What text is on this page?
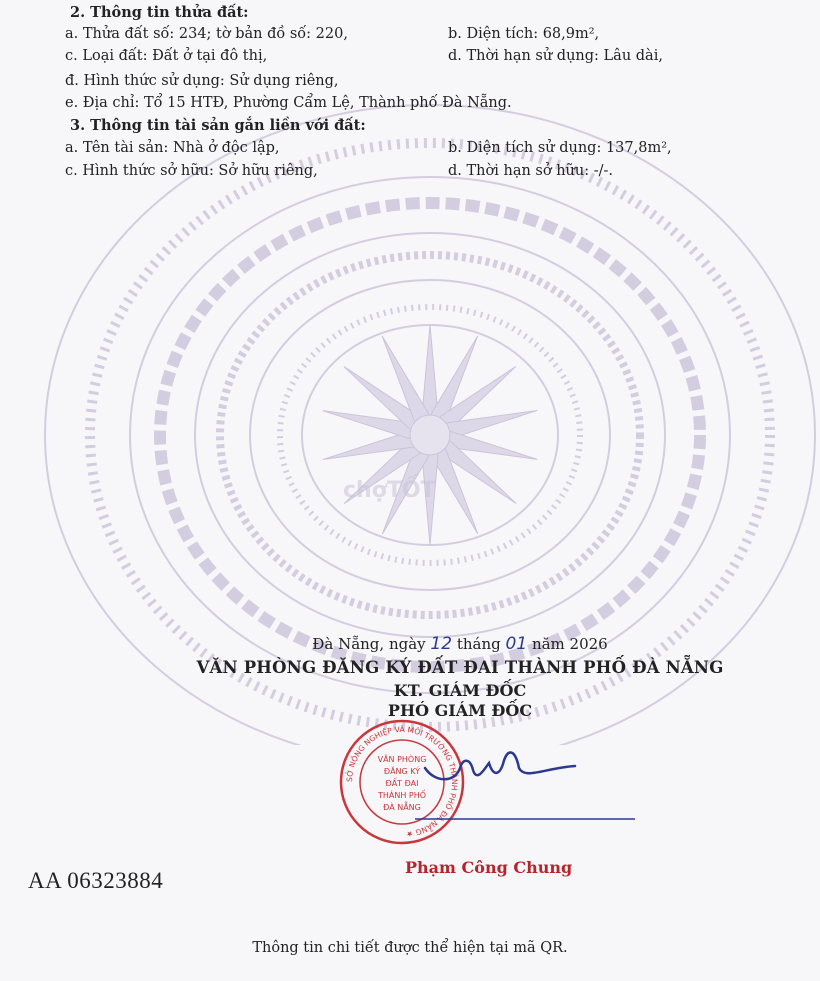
chợTỐT
2. Thông tin thửa đất:
a. Thửa đất số: 234; tờ bản đồ số: 220,	b. Diện tích: 68,9m²,
c. Loại đất: Đất ở tại đô thị,	d. Thời hạn sử dụng: Lâu dài,
đ. Hình thức sử dụng: Sử dụng riêng,
e. Địa chỉ: Tổ 15 HTĐ, Phường Cẩm Lệ, Thành phố Đà Nẵng.
3. Thông tin tài sản gắn liền với đất:
a. Tên tài sản: Nhà ở độc lập,	b. Diện tích sử dụng: 137,8m²,
c. Hình thức sở hữu: Sở hữu riêng,	d. Thời hạn sở hữu: -/-.
Đà Nẵng, ngày 12 tháng 01 năm 2026
VĂN PHÒNG ĐĂNG KÝ ĐẤT ĐAI THÀNH PHỐ ĐÀ NẴNG
KT. GIÁM ĐỐC
PHÓ GIÁM ĐỐC
SỞ NÔNG NGHIỆP VÀ MÔI TRƯỜNG THÀNH PHỐ ĐÀ NẴNG ★
VĂN PHÒNG
ĐĂNG KÝ
ĐẤT ĐAI
THÀNH PHỐ
ĐÀ NẴNG
Phạm Công Chung
AA 06323884
Thông tin chi tiết được thể hiện tại mã QR.
